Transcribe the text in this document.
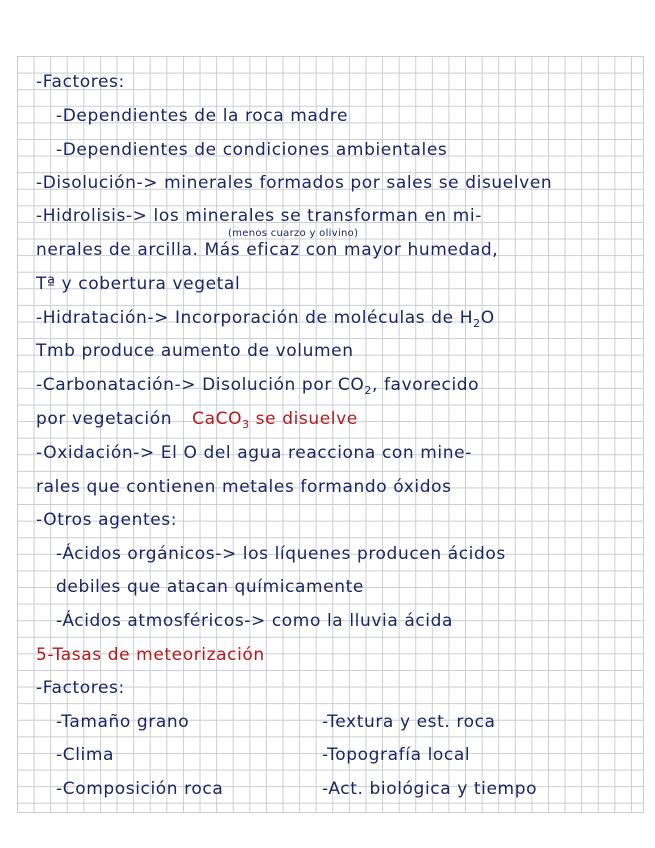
-Factores:
-Dependientes de la roca madre
-Dependientes de condiciones ambientales
-Disolución-> minerales formados por sales se disuelven
-Hidrolisis-> los minerales se transforman en mi-
(menos cuarzo y olivino)
nerales de arcilla. Más eficaz con mayor humedad,
Tª y cobertura vegetal
-Hidratación-> Incorporación de moléculas de $H_2O$
Tmb produce aumento de volumen
-Carbonatación-> Disolución por $CO_2$, favorecido
por vegetación CaCO$_3$ se disuelve
-Oxidación-> El O del agua reacciona con mine-
rales que contienen metales formando óxidos
-Otros agentes:
-Ácidos orgánicos-> los líquenes producen ácidos
debiles que atacan químicamente
-Ácidos atmosféricos-> como la lluvia ácida
5-Tasas de meteorización
-Factores:
-Tamaño grano
-Clima
-Composición roca
-Textura y est. roca
-Topografía local
-Act. biológica y tiempo
